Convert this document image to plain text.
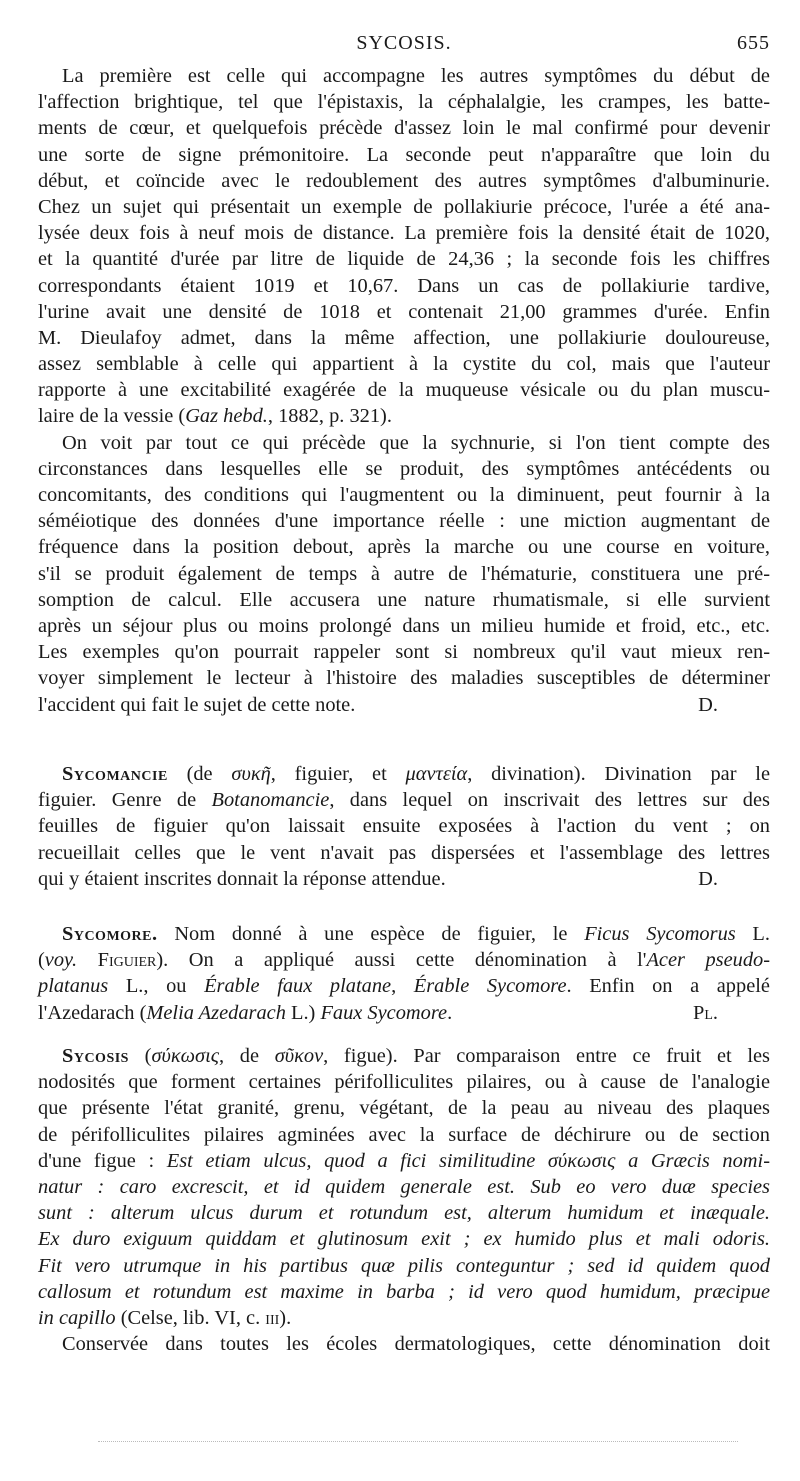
SYCOSIS.	655
La première est celle qui accompagne les autres symptômes du début de
l'affection brightique, tel que l'épistaxis, la céphalalgie, les crampes, les batte-
ments de cœur, et quelquefois précède d'assez loin le mal confirmé pour devenir
une sorte de signe prémonitoire. La seconde peut n'apparaître que loin du
début, et coïncide avec le redoublement des autres symptômes d'albuminurie.
Chez un sujet qui présentait un exemple de pollakiurie précoce, l'urée a été ana-
lysée deux fois à neuf mois de distance. La première fois la densité était de 1020,
et la quantité d'urée par litre de liquide de 24,36 ; la seconde fois les chiffres
correspondants étaient 1019 et 10,67. Dans un cas de pollakiurie tardive,
l'urine avait une densité de 1018 et contenait 21,00 grammes d'urée. Enfin
M. Dieulafoy admet, dans la même affection, une pollakiurie douloureuse,
assez semblable à celle qui appartient à la cystite du col, mais que l'auteur
rapporte à une excitabilité exagérée de la muqueuse vésicale ou du plan muscu-
laire de la vessie (Gaz hebd., 1882, p. 321).
On voit par tout ce qui précède que la sychnurie, si l'on tient compte des
circonstances dans lesquelles elle se produit, des symptômes antécédents ou
concomitants, des conditions qui l'augmentent ou la diminuent, peut fournir à la
séméiotique des données d'une importance réelle : une miction augmentant de
fréquence dans la position debout, après la marche ou une course en voiture,
s'il se produit également de temps à autre de l'hématurie, constituera une pré-
somption de calcul. Elle accusera une nature rhumatismale, si elle survient
après un séjour plus ou moins prolongé dans un milieu humide et froid, etc., etc.
Les exemples qu'on pourrait rappeler sont si nombreux qu'il vaut mieux ren-
voyer simplement le lecteur à l'histoire des maladies susceptibles de déterminer
l'accident qui fait le sujet de cette note.	D.
Sycomancie (de συκῆ, figuier, et μαντεία, divination). Divination par le
figuier. Genre de Botanomancie, dans lequel on inscrivait des lettres sur des
feuilles de figuier qu'on laissait ensuite exposées à l'action du vent ; on
recueillait celles que le vent n'avait pas dispersées et l'assemblage des lettres
qui y étaient inscrites donnait la réponse attendue.	D.
Sycomore. Nom donné à une espèce de figuier, le Ficus Sycomorus L.
(voy. Figuier). On a appliqué aussi cette dénomination à l'Acer pseudo-
platanus L., ou Érable faux platane, Érable Sycomore. Enfin on a appelé
l'Azedarach (Melia Azedarach L.) Faux Sycomore.	Pl.
Sycosis (σύκωσις, de σῦκον, figue). Par comparaison entre ce fruit et les
nodosités que forment certaines périfolliculites pilaires, ou à cause de l'analogie
que présente l'état granité, grenu, végétant, de la peau au niveau des plaques
de périfolliculites pilaires agminées avec la surface de déchirure ou de section
d'une figue : Est etiam ulcus, quod a fici similitudine σύκωσις a Græcis nomi-
natur : caro excrescit, et id quidem generale est. Sub eo vero duæ species
sunt : alterum ulcus durum et rotundum est, alterum humidum et inæquale.
Ex duro exiguum quiddam et glutinosum exit ; ex humido plus et mali odoris.
Fit vero utrumque in his partibus quæ pilis conteguntur ; sed id quidem quod
callosum et rotundum est maxime in barba ; id vero quod humidum, præcipue
in capillo (Celse, lib. VI, c. iii).
Conservée dans toutes les écoles dermatologiques, cette dénomination doit
